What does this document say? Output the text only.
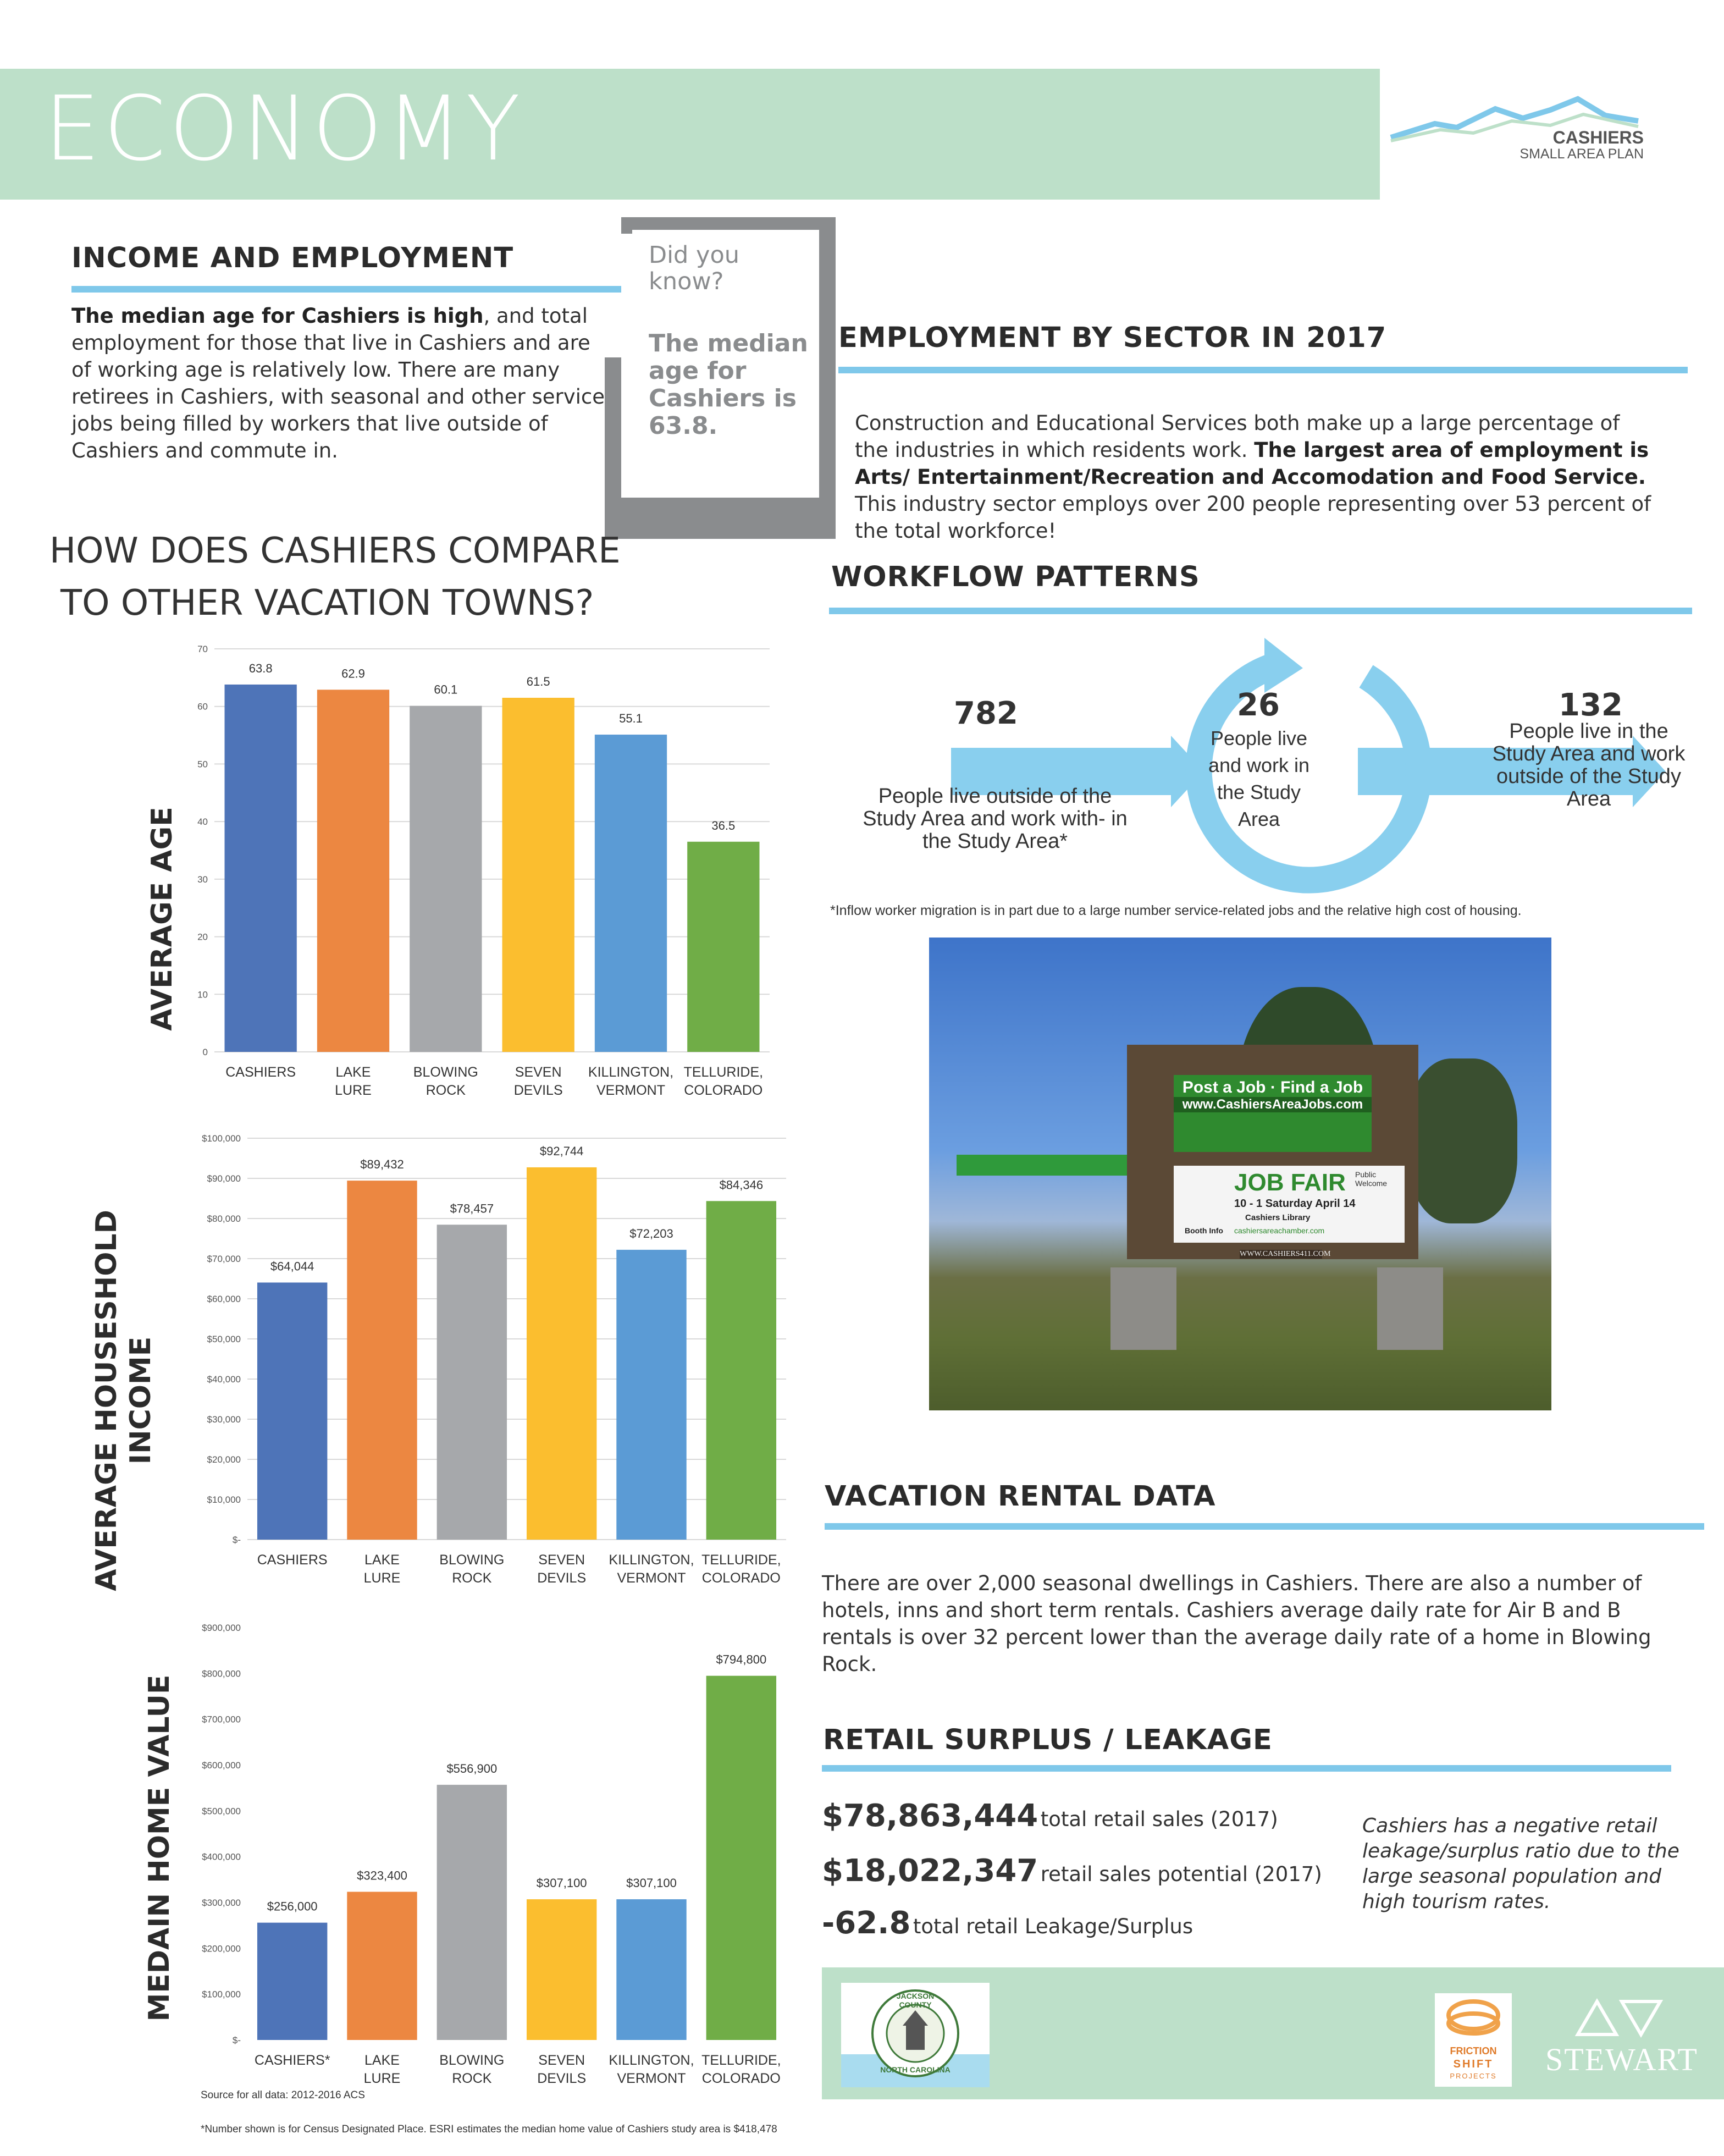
ECONOMY	CASHIERS
SMALL AREA PLAN
INCOME AND EMPLOYMENT
The median age for Cashiers is high, and total employment for those that live in Cashiers and are of working age is relatively low. There are many retirees in Cashiers, with seasonal and other service jobs being filled by workers that live outside of Cashiers and commute in.
Did you know?
The median age for Cashiers is 63.8.
EMPLOYMENT BY SECTOR IN 2017
Construction and Educational Services both make up a large percentage of the industries in which residents work. The largest area of employment is Arts/ Entertainment/Recreation and Accomodation and Food Service. This industry sector employs over 200 people representing over 53 percent of the total workforce!
HOW DOES CASHIERS COMPARE
TO OTHER VACATION TOWNS?
AVERAGE AGE
0
10
20
30
40
50
60
70
63.8
CASHIERS
62.9
LAKE
LURE
60.1
BLOWING
ROCK
61.5
SEVEN
DEVILS
55.1
KILLINGTON,
VERMONT
36.5
TELLURIDE,
COLORADO
AVERAGE HOUSESHOLD INCOME
$-
$10,000
$20,000
$30,000
$40,000
$50,000
$60,000
$70,000
$80,000
$90,000
$100,000
$64,044
CASHIERS
$89,432
LAKE
LURE
$78,457
BLOWING
ROCK
$92,744
SEVEN
DEVILS
$72,203
KILLINGTON,
VERMONT
$84,346
TELLURIDE,
COLORADO
MEDAIN HOME VALUE
$-
$100,000
$200,000
$300,000
$400,000
$500,000
$600,000
$700,000
$800,000
$900,000
$256,000
CASHIERS*
$323,400
LAKE
LURE
$556,900
BLOWING
ROCK
$307,100
SEVEN
DEVILS
$307,100
KILLINGTON,
VERMONT
$794,800
TELLURIDE,
COLORADO
Source for all data: 2012-2016 ACS
*Number shown is for Census Designated Place. ESRI estimates the median home value of Cashiers study area is $418,478
WORKFLOW PATTERNS
782
People live outside of the Study Area and work with- in the Study Area*
26
People live and work in the Study Area
132
People live in the Study Area and work outside of the Study Area
*Inflow worker migration is in part due to a large number service-related jobs and the relative high cost of housing.
Post a Job · Find a Job
www.CashiersAreaJobs.com
JOB FAIR Public Welcome
10 - 1 Saturday April 14
Cashiers Library
Booth Info cashiersareachamber.com
WWW.CASHIERS411.COM
VACATION RENTAL DATA
There are over 2,000 seasonal dwellings in Cashiers. There are also a number of hotels, inns and short term rentals. Cashiers average daily rate for Air B and B rentals is over 32 percent lower than the average daily rate of a home in Blowing Rock.
RETAIL SURPLUS / LEAKAGE
$78,863,444 total retail sales (2017)
$18,022,347 retail sales potential (2017)
-62.8 total retail Leakage/Surplus
Cashiers has a negative retail leakage/surplus ratio due to the large seasonal population and high tourism rates.
JACKSON COUNTY
NORTH CAROLINA
FRICTION
SHIFT
PROJECTS	STEWART
